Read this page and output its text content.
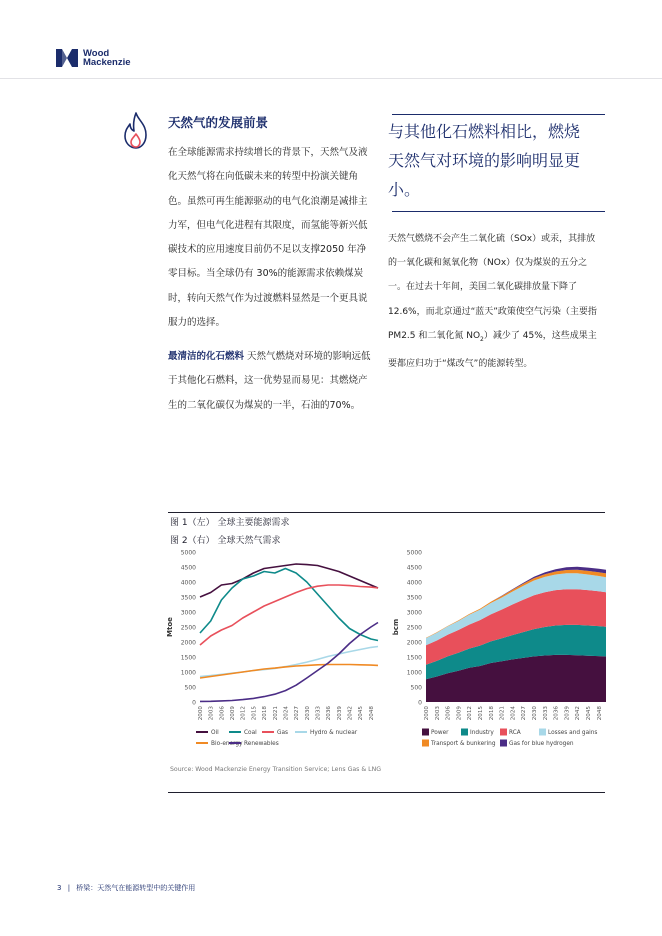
Wood
Mackenzie
天然气的发展前景
在全球能源需求持续增长的背景下，天然气及液化天然气将在向低碳未来的转型中扮演关键角色。虽然可再生能源驱动的电气化浪潮是减排主力军，但电气化进程有其限度，而氢能等新兴低碳技术的应用速度目前仍不足以支撑2050 年净零目标。当全球仍有 30%的能源需求依赖煤炭时，转向天然气作为过渡燃料显然是一个更具说服力的选择。
最清洁的化石燃料 天然气燃烧对环境的影响远低于其他化石燃料，这一优势显而易见：其燃烧产生的二氧化碳仅为煤炭的一半，石油的70%。
与其他化石燃料相比，燃烧天然气对环境的影响明显更小。
天然气燃烧不会产生二氧化硫（SOx）或汞，其排放的一氧化碳和氮氧化物（NOx）仅为煤炭的五分之一。在过去十年间，美国二氧化碳排放量下降了 12.6%，而北京通过“蓝天”政策使空气污染（主要指 PM2.5 和二氧化氮 $NO_2$）减少了 45%，这些成果主要都应归功于“煤改气”的能源转型。
图 1（左） 全球主要能源需求
图 2（右） 全球天然气需求
5000
4500
4000
3500
3000
2500
2000
1500
1000
500
0
Mtoe
2000 2003 2006 2009 2012 2015 2018 2021 2024 2027 2030 2033 2036 2039 2042 2045 2048
Oil	Coal	Gas	Hydro & nuclear
Bio-energy Renewables
5000
4500
4000
3500
3000
2500
2000
1500
1000
500
0
bcm
2000 2003 2006 2009 2012 2015 2018 2021 2024 2027 2030 2033 2036 2039 2042 2045 2048
Power	Industry	RCA	Losses and gains
Transport & bunkering Gas for blue hydrogen
Source: Wood Mackenzie Energy Transition Service; Lens Gas & LNG
3 | 桥梁：天然气在能源转型中的关键作用
